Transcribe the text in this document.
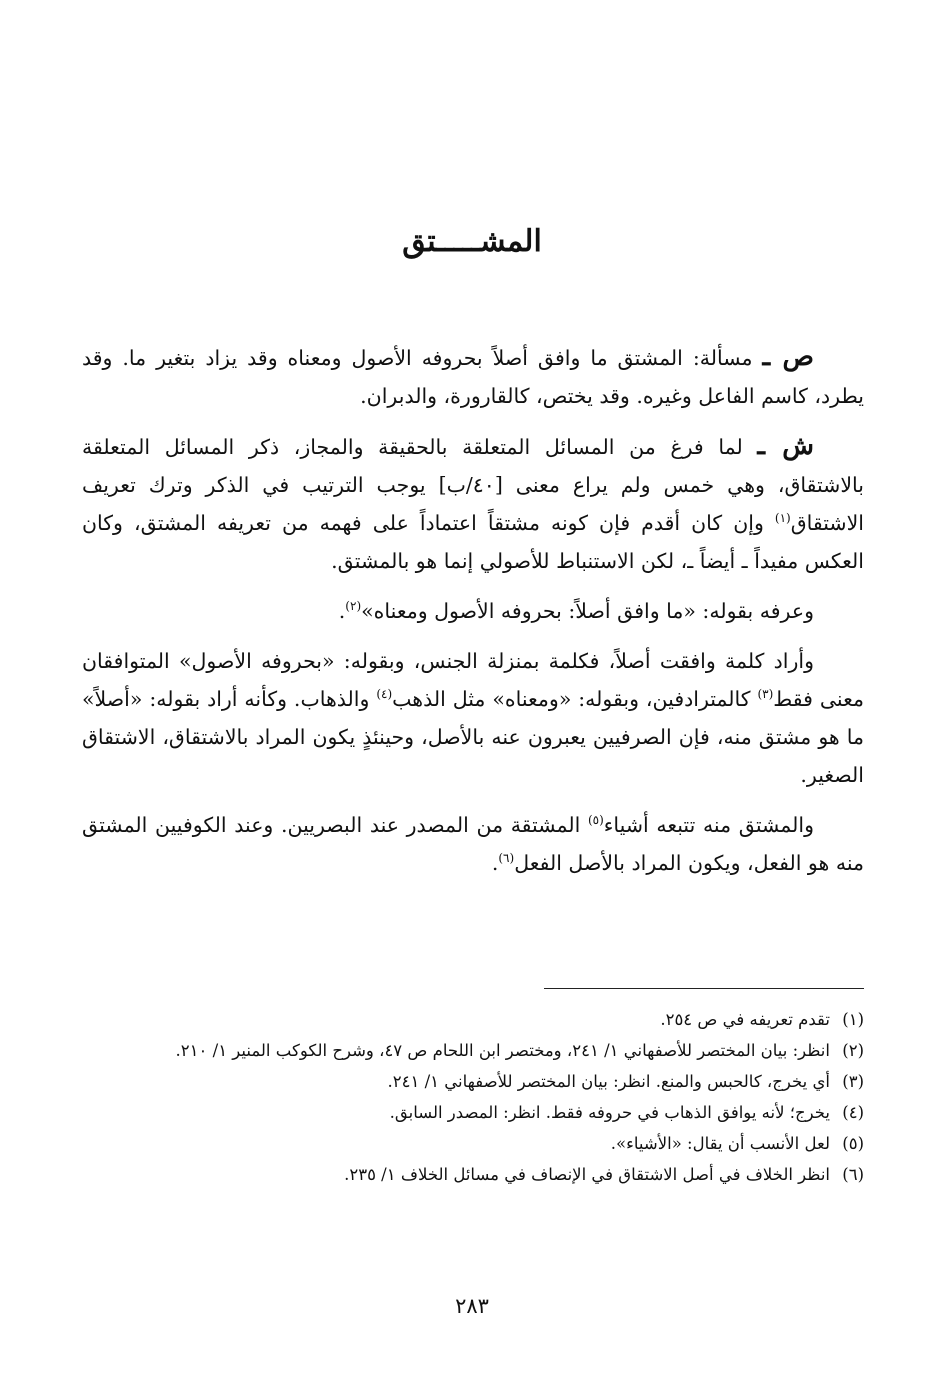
المشـــــتق

ص ـ مسألة: المشتق ما وافق أصلاً بحروفه الأصول ومعناه وقد يزاد بتغير ما. وقد يطرد، كاسم الفاعل وغيره. وقد يختص، كالقارورة، والدبران.

ش ـ لما فرغ من المسائل المتعلقة بالحقيقة والمجاز، ذكر المسائل المتعلقة بالاشتقاق، وهي خمس ولم يراع معنى [٤٠/ب] يوجب الترتيب في الذكر وترك تعريف الاشتقاق$^{(١)}$ وإن كان أقدم فإن كونه مشتقاً اعتماداً على فهمه من تعريفه المشتق، وكان العكس مفيداً ـ أيضاً ـ، لكن الاستنباط للأصولي إنما هو بالمشتق.

وعرفه بقوله: «ما وافق أصلاً: بحروفه الأصول ومعناه»$^{(٢)}$.

وأراد كلمة وافقت أصلاً، فكلمة بمنزلة الجنس، وبقوله: «بحروفه الأصول» المتوافقان معنى فقط$^{(٣)}$ كالمترادفين، وبقوله: «ومعناه» مثل الذهب$^{(٤)}$ والذهاب. وكأنه أراد بقوله: «أصلاً» ما هو مشتق منه، فإن الصرفيين يعبرون عنه بالأصل، وحينئذٍ يكون المراد بالاشتقاق، الاشتقاق الصغير.

والمشتق منه تتبعه أشياء$^{(٥)}$ المشتقة من المصدر عند البصريين. وعند الكوفيين المشتق منه هو الفعل، ويكون المراد بالأصل الفعل$^{(٦)}$.

(١)
تقدم تعريفه في ص ٢٥٤.
(٢)
انظر: بيان المختصر للأصفهاني ١/ ٢٤١، ومختصر ابن اللحام ص ٤٧، وشرح الكوكب المنير ١/ ٢١٠.
(٣)
أي يخرج، كالحبس والمنع. انظر: بيان المختصر للأصفهاني ١/ ٢٤١.
(٤)
يخرج؛ لأنه يوافق الذهاب في حروفه فقط. انظر: المصدر السابق.
(٥)
لعل الأنسب أن يقال: «الأشياء».
(٦)
انظر الخلاف في أصل الاشتقاق في الإنصاف في مسائل الخلاف ١/ ٢٣٥.
٢٨٣
